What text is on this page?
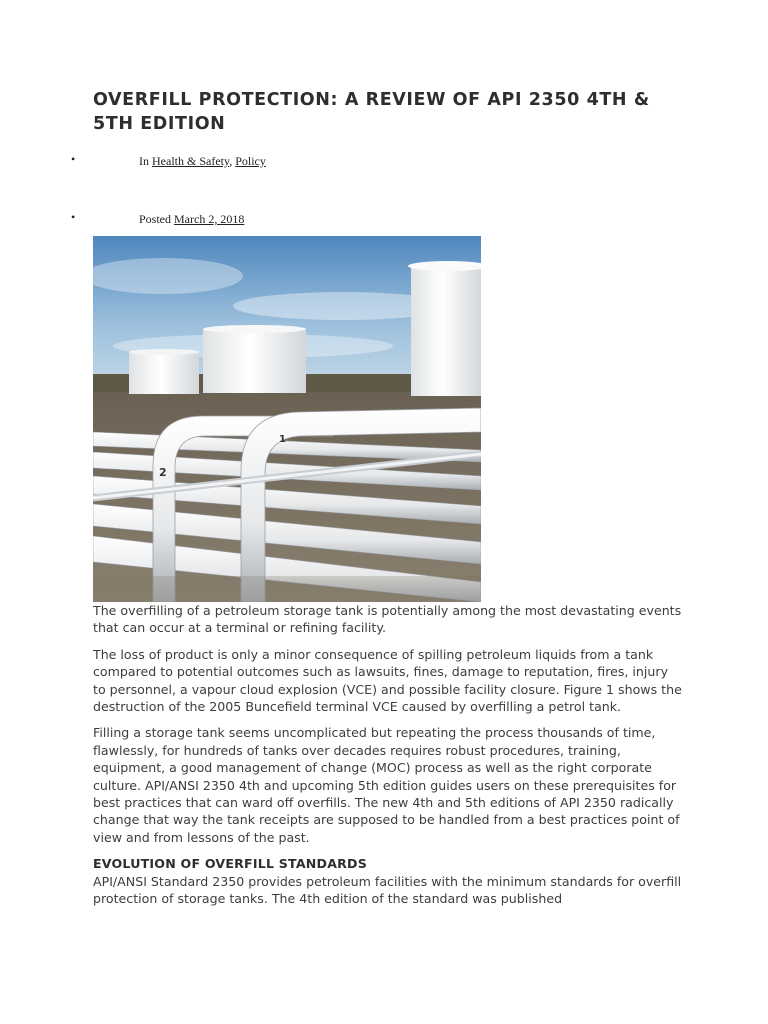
OVERFILL PROTECTION: A REVIEW OF API 2350 4TH & 5TH EDITION
•	In Health & Safety, Policy
•	Posted March 2, 2018
2
1

The overfilling of a petroleum storage tank is potentially among the most devastating events that can occur at a terminal or refining facility.

The loss of product is only a minor consequence of spilling petroleum liquids from a tank compared to potential outcomes such as lawsuits, fines, damage to reputation, fires, injury to personnel, a vapour cloud explosion (VCE) and possible facility closure. Figure 1 shows the destruction of the 2005 Buncefield terminal VCE caused by overfilling a petrol tank.

Filling a storage tank seems uncomplicated but repeating the process thousands of time, flawlessly, for hundreds of tanks over decades requires robust procedures, training, equipment, a good management of change (MOC) process as well as the right corporate culture. API/ANSI 2350 4th and upcoming 5th edition guides users on these prerequisites for best practices that can ward off overfills. The new 4th and 5th editions of API 2350 radically change that way the tank receipts are supposed to be handled from a best practices point of view and from lessons of the past.

EVOLUTION OF OVERFILL STANDARDS

API/ANSI Standard 2350 provides petroleum facilities with the minimum standards for overfill protection of storage tanks. The 4th edition of the standard was published
